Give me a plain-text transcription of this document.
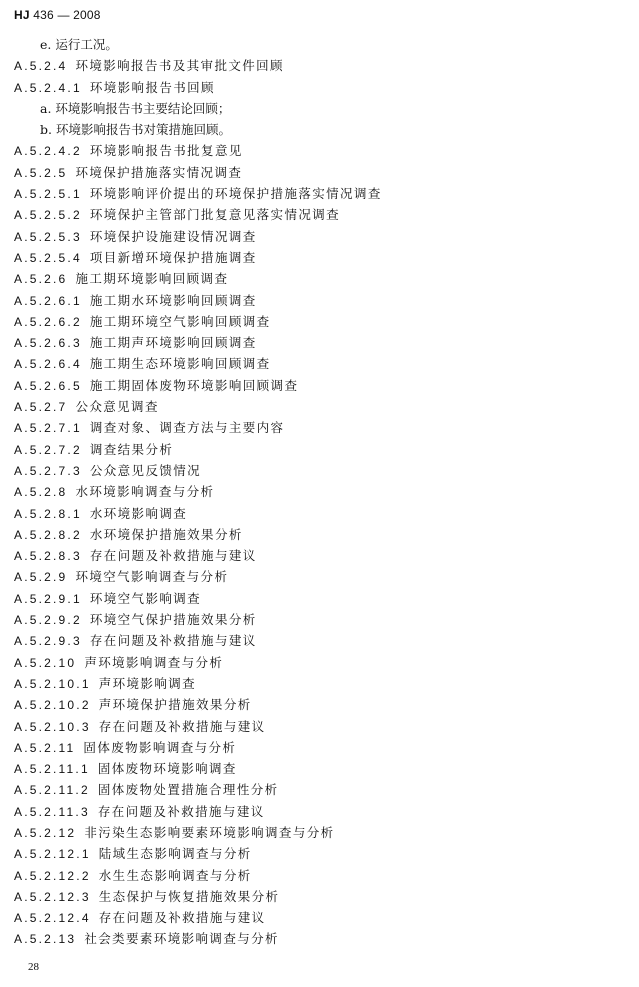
HJ 436 — 2008
e. 运行工况。
A.5.2.4 环境影响报告书及其审批文件回顾
A.5.2.4.1 环境影响报告书回顾
a. 环境影响报告书主要结论回顾；
b. 环境影响报告书对策措施回顾。
A.5.2.4.2 环境影响报告书批复意见
A.5.2.5 环境保护措施落实情况调查
A.5.2.5.1 环境影响评价提出的环境保护措施落实情况调查
A.5.2.5.2 环境保护主管部门批复意见落实情况调查
A.5.2.5.3 环境保护设施建设情况调查
A.5.2.5.4 项目新增环境保护措施调查
A.5.2.6 施工期环境影响回顾调查
A.5.2.6.1 施工期水环境影响回顾调查
A.5.2.6.2 施工期环境空气影响回顾调查
A.5.2.6.3 施工期声环境影响回顾调查
A.5.2.6.4 施工期生态环境影响回顾调查
A.5.2.6.5 施工期固体废物环境影响回顾调查
A.5.2.7 公众意见调查
A.5.2.7.1 调查对象、调查方法与主要内容
A.5.2.7.2 调查结果分析
A.5.2.7.3 公众意见反馈情况
A.5.2.8 水环境影响调查与分析
A.5.2.8.1 水环境影响调查
A.5.2.8.2 水环境保护措施效果分析
A.5.2.8.3 存在问题及补救措施与建议
A.5.2.9 环境空气影响调查与分析
A.5.2.9.1 环境空气影响调查
A.5.2.9.2 环境空气保护措施效果分析
A.5.2.9.3 存在问题及补救措施与建议
A.5.2.10 声环境影响调查与分析
A.5.2.10.1 声环境影响调查
A.5.2.10.2 声环境保护措施效果分析
A.5.2.10.3 存在问题及补救措施与建议
A.5.2.11 固体废物影响调查与分析
A.5.2.11.1 固体废物环境影响调查
A.5.2.11.2 固体废物处置措施合理性分析
A.5.2.11.3 存在问题及补救措施与建议
A.5.2.12 非污染生态影响要素环境影响调查与分析
A.5.2.12.1 陆域生态影响调查与分析
A.5.2.12.2 水生生态影响调查与分析
A.5.2.12.3 生态保护与恢复措施效果分析
A.5.2.12.4 存在问题及补救措施与建议
A.5.2.13 社会类要素环境影响调查与分析
28
